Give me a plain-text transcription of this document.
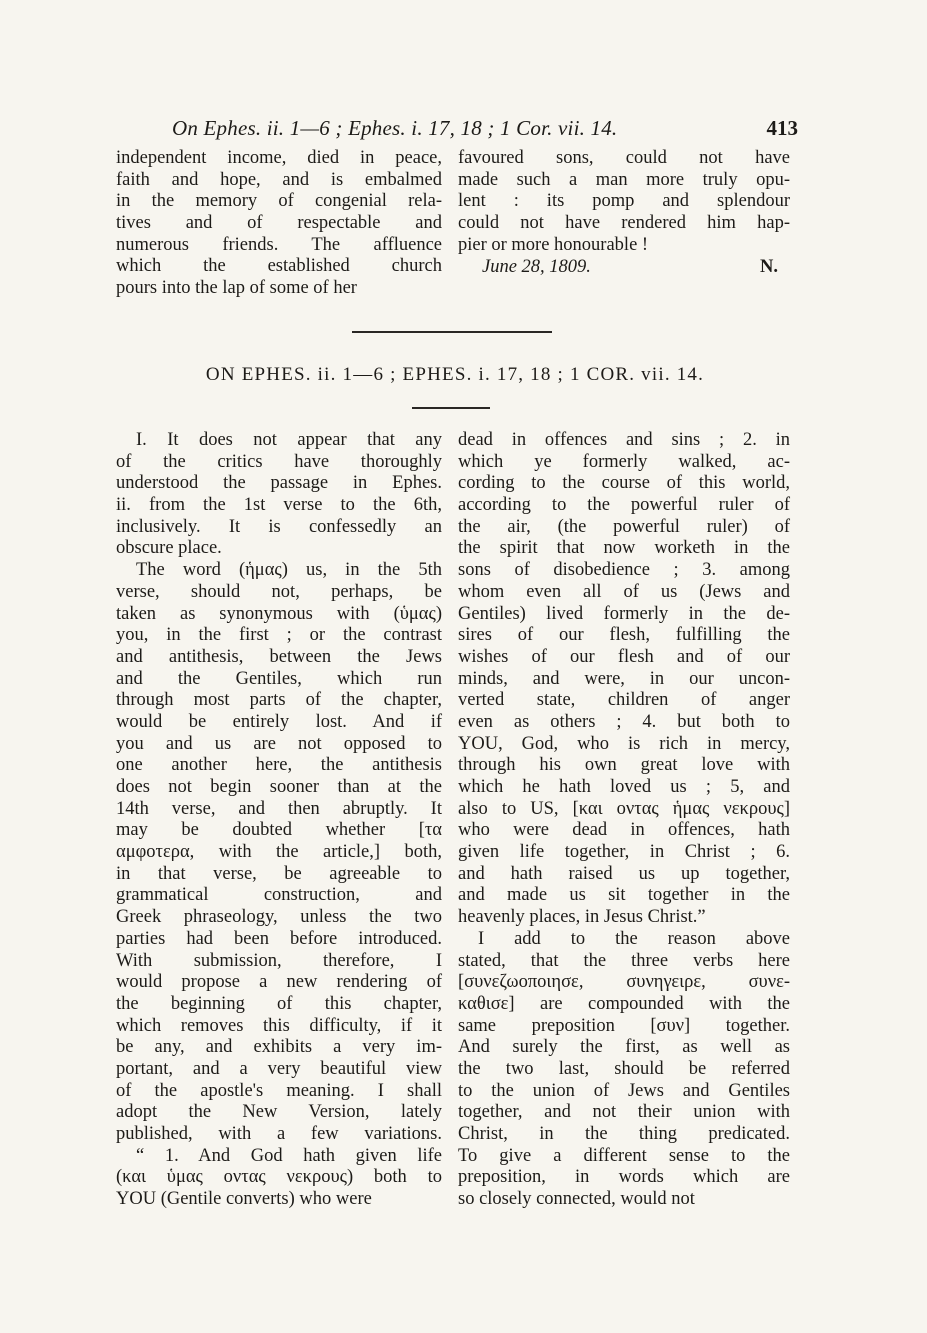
On Ephes. ii. 1—6 ; Ephes. i. 17, 18 ; 1 Cor. vii. 14.	413
independent income, died in peace,
faith and hope, and is embalmed
in the memory of congenial rela-
tives and of respectable and
numerous friends. The affluence
which the established church
pours into the lap of some of her
favoured sons, could not have
made such a man more truly opu-
lent : its pomp and splendour
could not have rendered him hap-
pier or more honourable !
June 28, 1809.	N.
ON EPHES. ii. 1—6 ; EPHES. i. 17, 18 ; 1 COR. vii. 14.
I. It does not appear that any
of the critics have thoroughly
understood the passage in Ephes.
ii. from the 1st verse to the 6th,
inclusively. It is confessedly an
obscure place.
The word (ἡμας) us, in the 5th
verse, should not, perhaps, be
taken as synonymous with (ὑμας)
you, in the first ; or the contrast
and antithesis, between the Jews
and the Gentiles, which run
through most parts of the chapter,
would be entirely lost. And if
you and us are not opposed to
one another here, the antithesis
does not begin sooner than at the
14th verse, and then abruptly. It
may be doubted whether [τα
αμφοτερα, with the article,] both,
in that verse, be agreeable to
grammatical construction, and
Greek phraseology, unless the two
parties had been before introduced.
With submission, therefore, I
would propose a new rendering of
the beginning of this chapter,
which removes this difficulty, if it
be any, and exhibits a very im-
portant, and a very beautiful view
of the apostle's meaning. I shall
adopt the New Version, lately
published, with a few variations.
“ 1. And God hath given life
(και ὑμας οντας νεκρους) both to
YOU (Gentile converts) who were
dead in offences and sins ; 2. in
which ye formerly walked, ac-
cording to the course of this world,
according to the powerful ruler of
the air, (the powerful ruler) of
the spirit that now worketh in the
sons of disobedience ; 3. among
whom even all of us (Jews and
Gentiles) lived formerly in the de-
sires of our flesh, fulfilling the
wishes of our flesh and of our
minds, and were, in our uncon-
verted state, children of anger
even as others ; 4. but both to
YOU, God, who is rich in mercy,
through his own great love with
which he hath loved us ; 5, and
also to US, [και οντας ἡμας νεκρους]
who were dead in offences, hath
given life together, in Christ ; 6.
and hath raised us up together,
and made us sit together in the
heavenly places, in Jesus Christ.”
I add to the reason above
stated, that the three verbs here
[συνεζωοποιησε, συνηγειρε, συνε-
καθισε] are compounded with the
same preposition [συν] together.
And surely the first, as well as
the two last, should be referred
to the union of Jews and Gentiles
together, and not their union with
Christ, in the thing predicated.
To give a different sense to the
preposition, in words which are
so closely connected, would not
